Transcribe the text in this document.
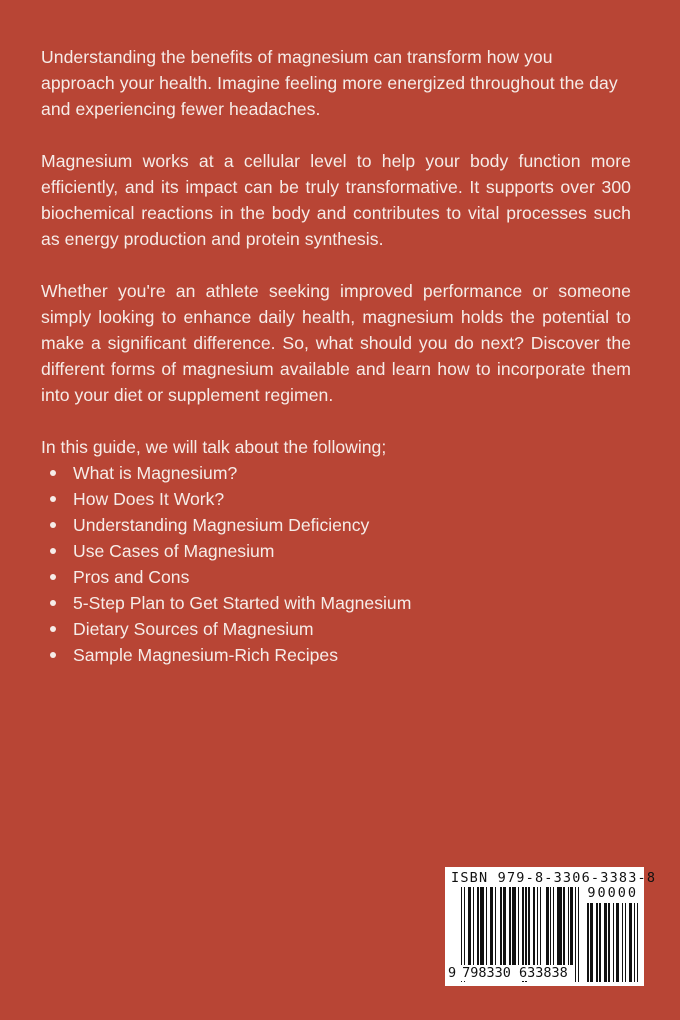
Understanding the benefits of magnesium can transform how you approach your health. Imagine feeling more energized throughout the day and experiencing fewer headaches.

Magnesium works at a cellular level to help your body function more efficiently, and its impact can be truly transformative. It supports over 300 biochemical reactions in the body and contributes to vital processes such as energy production and protein synthesis.

Whether you're an athlete seeking improved performance or someone simply looking to enhance daily health, magnesium holds the potential to make a significant difference. So, what should you do next? Discover the different forms of magnesium available and learn how to incorporate them into your diet or supplement regimen.

In this guide, we will talk about the following;

What is Magnesium?
How Does It Work?
Understanding Magnesium Deficiency
Use Cases of Magnesium
Pros and Cons
5-Step Plan to Get Started with Magnesium
Dietary Sources of Magnesium
Sample Magnesium-Rich Recipes
ISBN 979-8-3306-3383-8
90000
9 798330 633838
